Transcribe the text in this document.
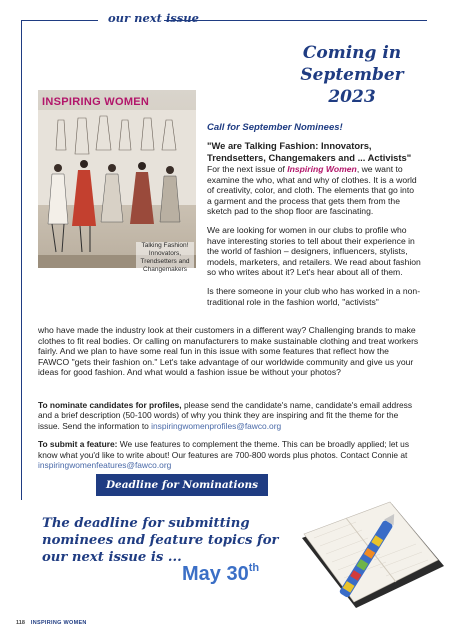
our next issue
Coming in
September 2023
INSPIRING WOMEN
Talking Fashion!
Innovators,
Trendsetters and
Changemakers
Call for September Nominees!

"We are Talking Fashion: Innovators, Trendsetters, Changemakers and ... Activists"

For the next issue of Inspiring Women, we want to examine the who, what and why of clothes. It is a world of creativity, color, and cloth. The elements that go into a garment and the process that gets them from the sketch pad to the shop floor are fascinating.

We are looking for women in our clubs to profile who have interesting stories to tell about their experience in the world of fashion – designers, influencers, stylists, models, marketers, and retailers. We read about fashion so who writes about it? Let's hear about all of them.

Is there someone in your club who has worked in a non-traditional role in the fashion world, "activists"

who have made the industry look at their customers in a different way? Challenging brands to make clothes to fit real bodies. Or calling on manufacturers to make sustainable clothing and treat workers fairly. And we plan to have some real fun in this issue with some features that reflect how the FAWCO "gets their fashion on." Let's take advantage of our worldwide community and give us your ideas for good fashion. And what would a fashion issue be without your photos?

To nominate candidates for profiles, please send the candidate's name, candidate's email address and a brief description (50-100 words) of why you think they are inspiring and fit the theme for the issue. Send the information to inspiringwomenprofiles@fawco.org

To submit a feature: We use features to complement the theme. This can be broadly applied; let us know what you'd like to write about! Our features are 700-800 words plus photos. Contact Connie at inspiringwomenfeatures@fawco.org

Deadline for Nominations
The deadline for submitting
nominees and feature topics for
our next issue is ...
May 30th
118 INSPIRING WOMEN
